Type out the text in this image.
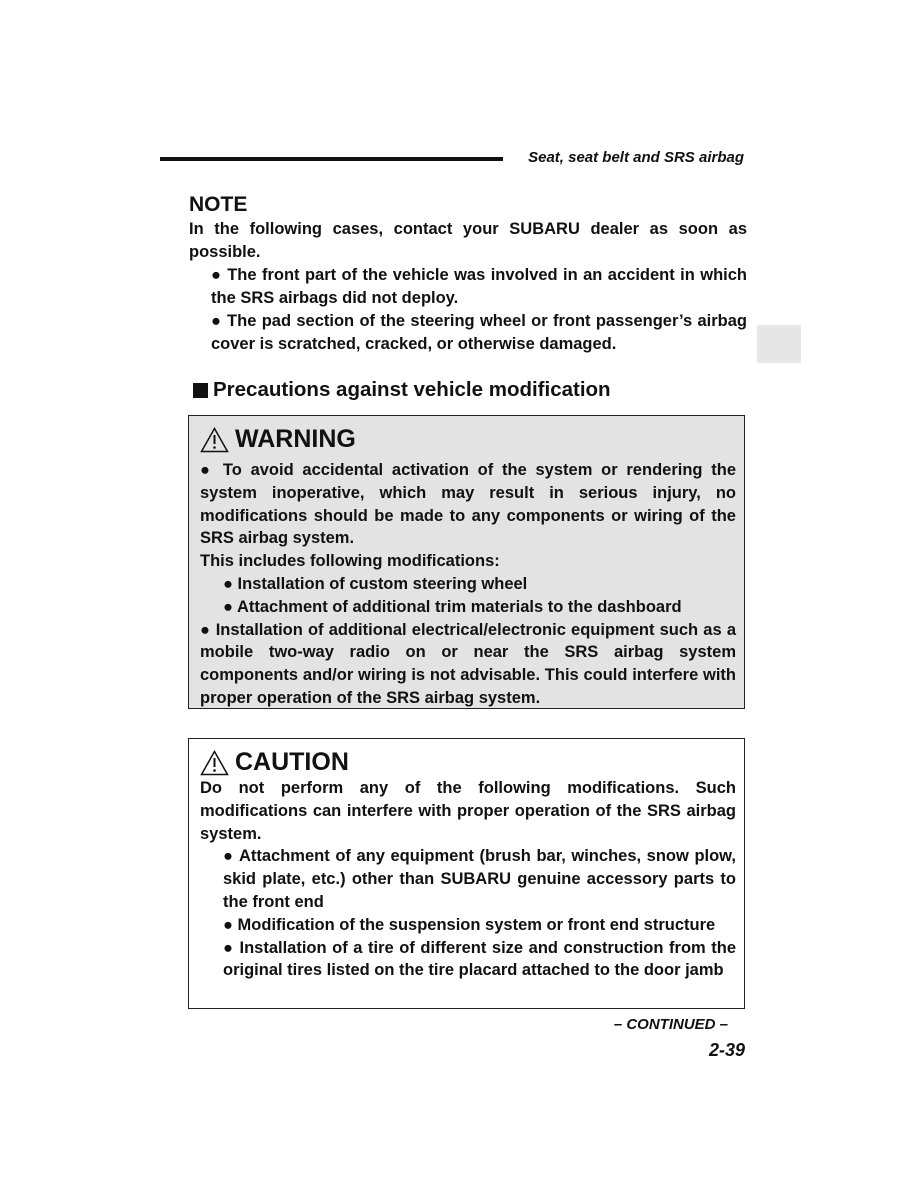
Seat, seat belt and SRS airbag
NOTE

In the following cases, contact your SUBARU dealer as soon as possible.

● The front part of the vehicle was involved in an accident in which the SRS airbags did not deploy.

● The pad section of the steering wheel or front passenger’s airbag cover is scratched, cracked, or otherwise damaged.

Precautions against vehicle modification
WARNING

● To avoid accidental activation of the system or rendering the system inoperative, which may result in serious injury, no modifications should be made to any components or wiring of the SRS airbag system.

This includes following modifications:

● Installation of custom steering wheel

● Attachment of additional trim materials to the dashboard

● Installation of additional electrical/electronic equipment such as a mobile two-way radio on or near the SRS airbag system components and/or wiring is not advisable. This could interfere with proper operation of the SRS airbag system.

CAUTION

Do not perform any of the following modifications. Such modifications can interfere with proper operation of the SRS airbag system.

● Attachment of any equipment (brush bar, winches, snow plow, skid plate, etc.) other than SUBARU genuine accessory parts to the front end

● Modification of the suspension system or front end structure

● Installation of a tire of different size and construction from the original tires listed on the tire placard attached to the door jamb

– CONTINUED –
2-39
